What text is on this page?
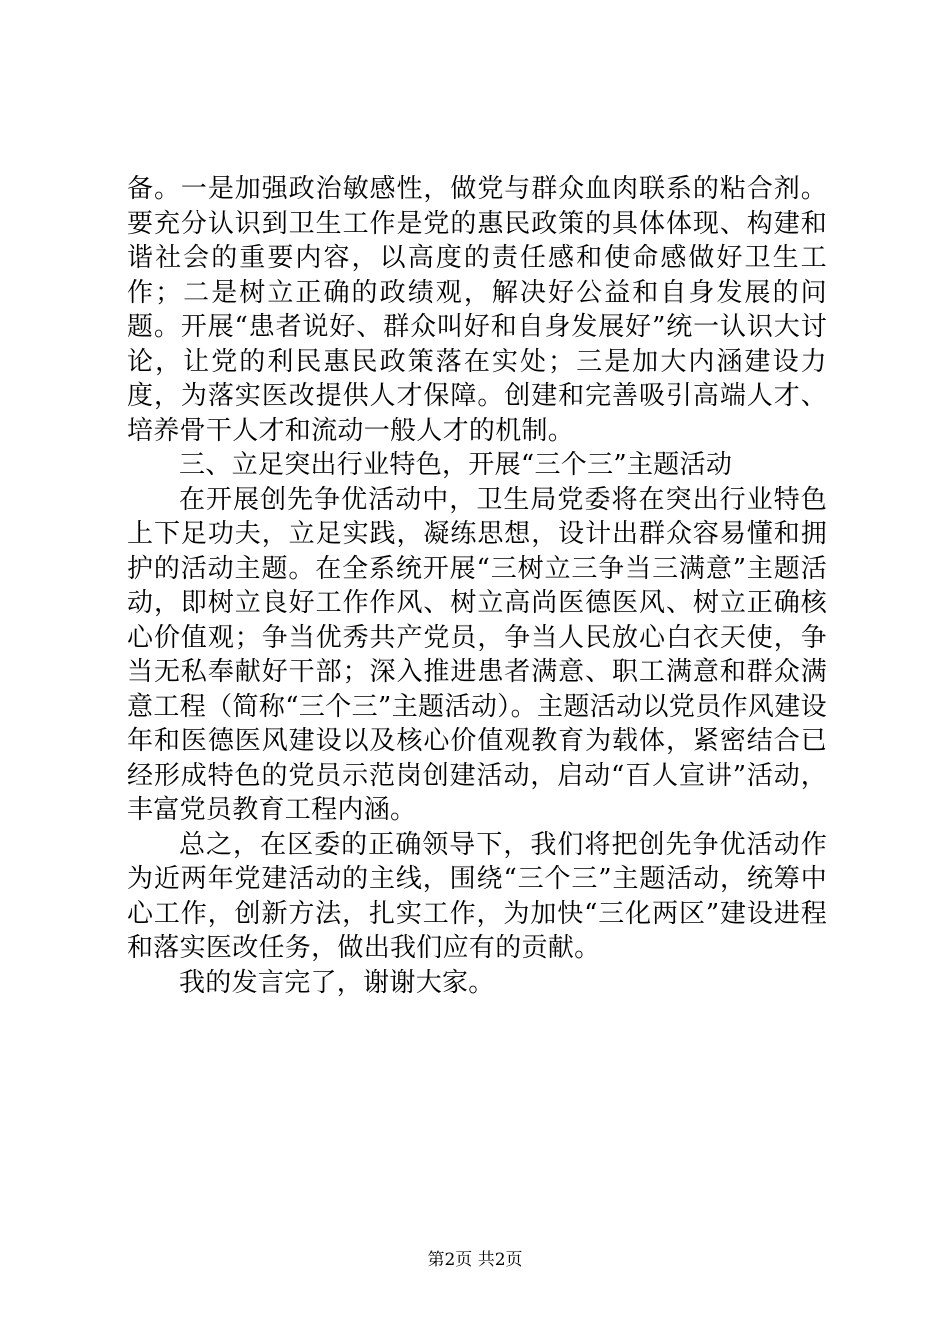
备。一是加强政治敏感性，做党与群众血肉联系的粘合剂。要充分认识到卫生工作是党的惠民政策的具体体现、构建和谐社会的重要内容，以高度的责任感和使命感做好卫生工作；二是树立正确的政绩观，解决好公益和自身发展的问题。开展“患者说好、群众叫好和自身发展好”统一认识大讨论，让党的利民惠民政策落在实处；三是加大内涵建设力度，为落实医改提供人才保障。创建和完善吸引高端人才、培养骨干人才和流动一般人才的机制。

三、立足突出行业特色，开展“三个三”主题活动

在开展创先争优活动中，卫生局党委将在突出行业特色上下足功夫，立足实践，凝练思想，设计出群众容易懂和拥护的活动主题。在全系统开展“三树立三争当三满意”主题活动，即树立良好工作作风、树立高尚医德医风、树立正确核心价值观；争当优秀共产党员，争当人民放心白衣天使，争当无私奉献好干部；深入推进患者满意、职工满意和群众满意工程（简称“三个三”主题活动）。主题活动以党员作风建设年和医德医风建设以及核心价值观教育为载体，紧密结合已经形成特色的党员示范岗创建活动，启动“百人宣讲”活动，丰富党员教育工程内涵。

总之，在区委的正确领导下，我们将把创先争优活动作为近两年党建活动的主线，围绕“三个三”主题活动，统筹中心工作，创新方法，扎实工作，为加快“三化两区”建设进程和落实医改任务，做出我们应有的贡献。

我的发言完了，谢谢大家。

第2页 共2页
